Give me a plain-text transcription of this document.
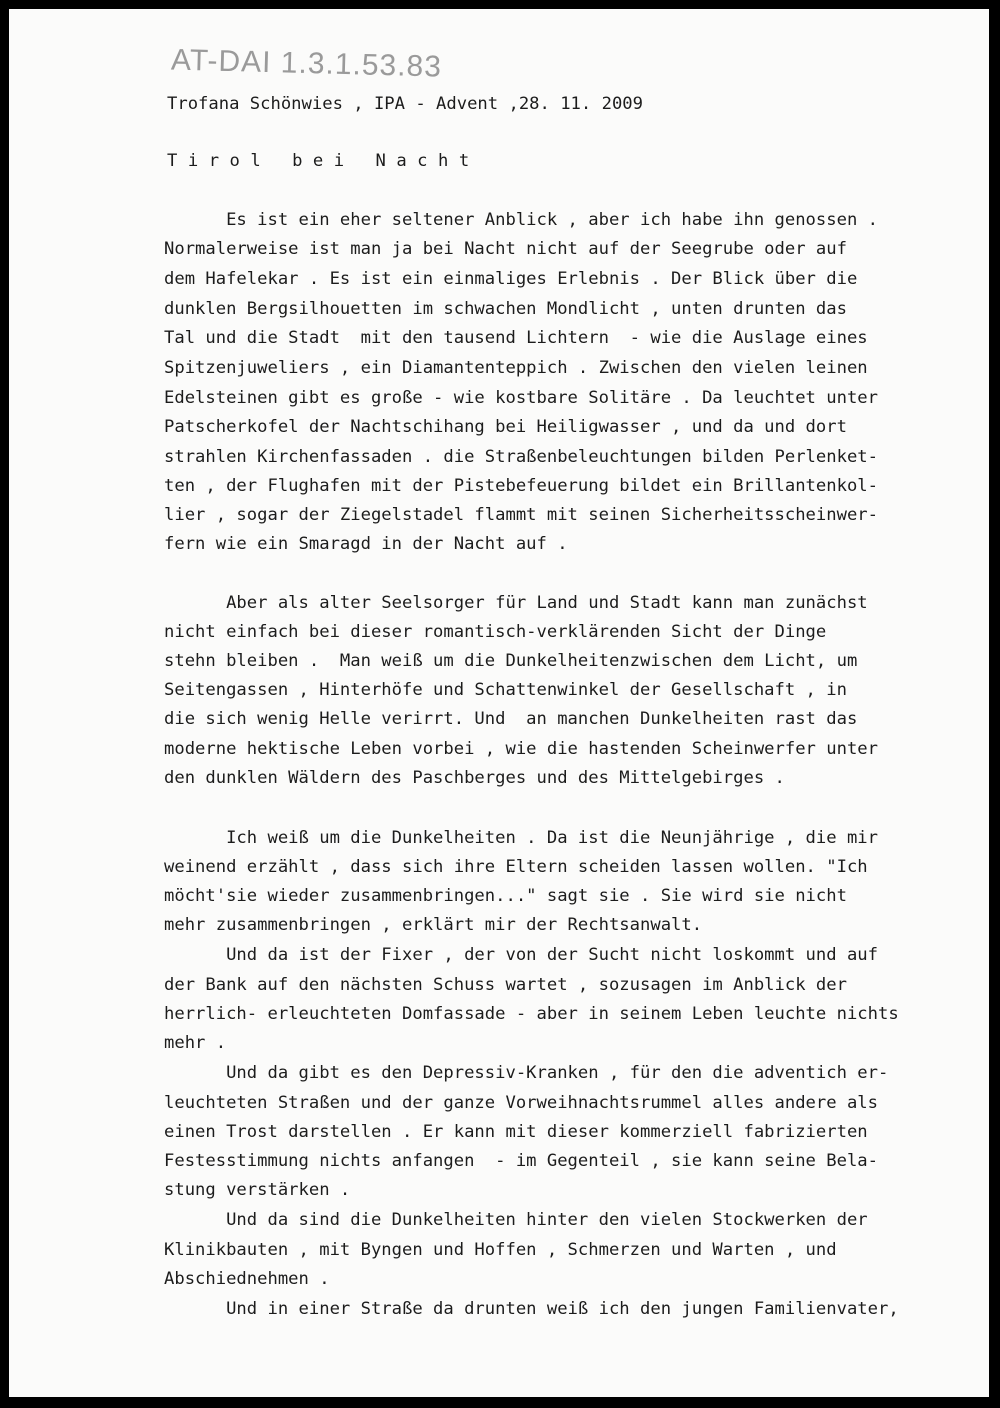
AT-DAI 1.3.1.53.83
Trofana Schönwies , IPA - Advent ,28. 11. 2009
Tirol bei Nacht
Es ist ein eher seltener Anblick , aber ich habe ihn genossen .
Normalerweise ist man ja bei Nacht nicht auf der Seegrube oder auf
dem Hafelekar . Es ist ein einmaliges Erlebnis . Der Blick über die
dunklen Bergsilhouetten im schwachen Mondlicht , unten drunten das
Tal und die Stadt  mit den tausend Lichtern  - wie die Auslage eines
Spitzenjuweliers , ein Diamantenteppich . Zwischen den vielen leinen
Edelsteinen gibt es große - wie kostbare Solitäre . Da leuchtet unter
Patscherkofel der Nachtschihang bei Heiligwasser , und da und dort
strahlen Kirchenfassaden . die Straßenbeleuchtungen bilden Perlenket-
ten , der Flughafen mit der Pistebefeuerung bildet ein Brillantenkol-
lier , sogar der Ziegelstadel flammt mit seinen Sicherheitsscheinwer-
fern wie ein Smaragd in der Nacht auf .
Aber als alter Seelsorger für Land und Stadt kann man zunächst
nicht einfach bei dieser romantisch-verklärenden Sicht der Dinge
stehn bleiben .  Man weiß um die Dunkelheitenzwischen dem Licht, um
Seitengassen , Hinterhöfe und Schattenwinkel der Gesellschaft , in
die sich wenig Helle verirrt. Und  an manchen Dunkelheiten rast das
moderne hektische Leben vorbei , wie die hastenden Scheinwerfer unter
den dunklen Wäldern des Paschberges und des Mittelgebirges .
Ich weiß um die Dunkelheiten . Da ist die Neunjährige , die mir
weinend erzählt , dass sich ihre Eltern scheiden lassen wollen. "Ich
möcht'sie wieder zusammenbringen..." sagt sie . Sie wird sie nicht
mehr zusammenbringen , erklärt mir der Rechtsanwalt.
Und da ist der Fixer , der von der Sucht nicht loskommt und auf
der Bank auf den nächsten Schuss wartet , sozusagen im Anblick der
herrlich- erleuchteten Domfassade - aber in seinem Leben leuchte nichts
mehr .
Und da gibt es den Depressiv-Kranken , für den die adventich er-
leuchteten Straßen und der ganze Vorweihnachtsrummel alles andere als
einen Trost darstellen . Er kann mit dieser kommerziell fabrizierten
Festesstimmung nichts anfangen  - im Gegenteil , sie kann seine Bela-
stung verstärken .
Und da sind die Dunkelheiten hinter den vielen Stockwerken der
Klinikbauten , mit Byngen und Hoffen , Schmerzen und Warten , und
Abschiednehmen .
Und in einer Straße da drunten weiß ich den jungen Familienvater,
